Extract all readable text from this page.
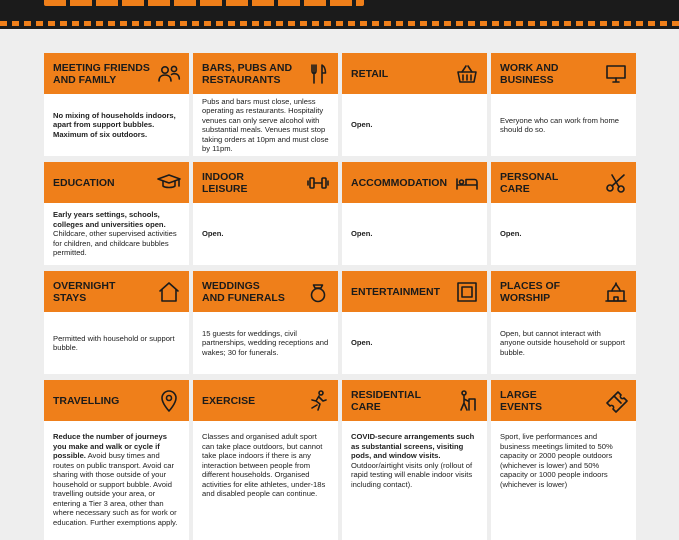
MEETING FRIENDS
AND FAMILY
No mixing of households indoors, apart from support bubbles. Maximum of six outdoors.
BARS, PUBS AND
RESTAURANTS
Pubs and bars must close, unless operating as restaurants. Hospitality venues can only serve alcohol with substantial meals. Venues must stop taking orders at 10pm and must close by 11pm.
RETAIL
Open.
WORK AND
BUSINESS
Everyone who can work from home should do so.
EDUCATION
Early years settings, schools, colleges and universities open. Childcare, other supervised activities for children, and childcare bubbles permitted.
INDOOR
LEISURE
Open.
ACCOMMODATION
Open.
PERSONAL
CARE
Open.
OVERNIGHT
STAYS
Permitted with household or support bubble.
WEDDINGS
AND FUNERALS
15 guests for weddings, civil partnerships, wedding receptions and wakes; 30 for funerals.
ENTERTAINMENT
Open.
PLACES OF
WORSHIP
Open, but cannot interact with anyone outside household or support bubble.
TRAVELLING
Reduce the number of journeys you make and walk or cycle if possible. Avoid busy times and routes on public transport. Avoid car sharing with those outside of your household or support bubble. Avoid travelling outside your area, or entering a Tier 3 area, other than where necessary such as for work or education. Further exemptions apply.
EXERCISE
Classes and organised adult sport can take place outdoors, but cannot take place indoors if there is any interaction between people from different households. Organised activities for elite athletes, under-18s and disabled people can continue.
RESIDENTIAL
CARE
COVID-secure arrangements such as substantial screens, visiting pods, and window visits. Outdoor/airtight visits only (rollout of rapid testing will enable indoor visits including contact).
LARGE
EVENTS
Sport, live performances and business meetings limited to 50% capacity or 2000 people outdoors (whichever is lower) and 50% capacity or 1000 people indoors (whichever is lower)
